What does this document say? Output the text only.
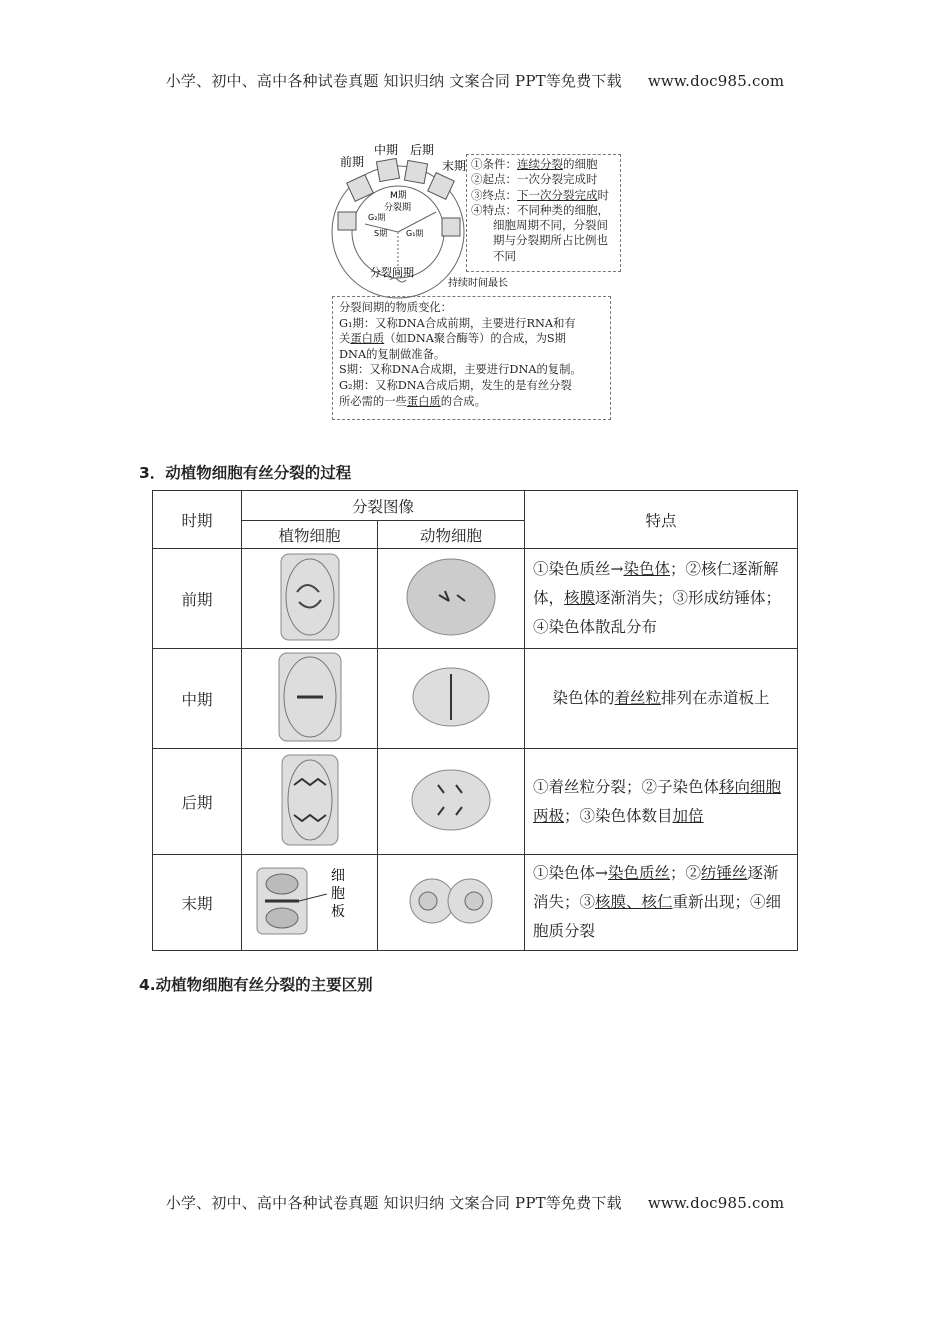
小学、初中、高中各种试卷真题 知识归纳 文案合同 PPT等免费下载 www.doc985.com
前期
中期 后期
末期
M期
分裂期
G₂期
S期 G₁期
分裂间期
持续时间最长
①条件：连续分裂的细胞
②起点：一次分裂完成时
③终点：下一次分裂完成时
④特点：不同种类的细胞，
细胞周期不同，分裂间
期与分裂期所占比例也
不同
分裂间期的物质变化：
G₁期：又称DNA合成前期，主要进行RNA和有
关蛋白质（如DNA聚合酶等）的合成，为S期
DNA的复制做准备。
S期：又称DNA合成期，主要进行DNA的复制。
G₂期：又称DNA合成后期，发生的是有丝分裂
所必需的一些蛋白质的合成。
3．动植物细胞有丝分裂的过程
时期	分裂图像		特点
	植物细胞	动物细胞	
前期			①染色质丝→染色体；②核仁逐渐解体，核膜逐渐消失；③形成纺锤体；④染色体散乱分布
中期			染色体的着丝粒排列在赤道板上
后期			①着丝粒分裂；②子染色体移向细胞两极；③染色体数目加倍
末期	细
胞
板		①染色体→染色质丝；②纺锤丝逐渐消失；③核膜、核仁重新出现；④细胞质分裂
4.动植物细胞有丝分裂的主要区别
小学、初中、高中各种试卷真题 知识归纳 文案合同 PPT等免费下载 www.doc985.com
